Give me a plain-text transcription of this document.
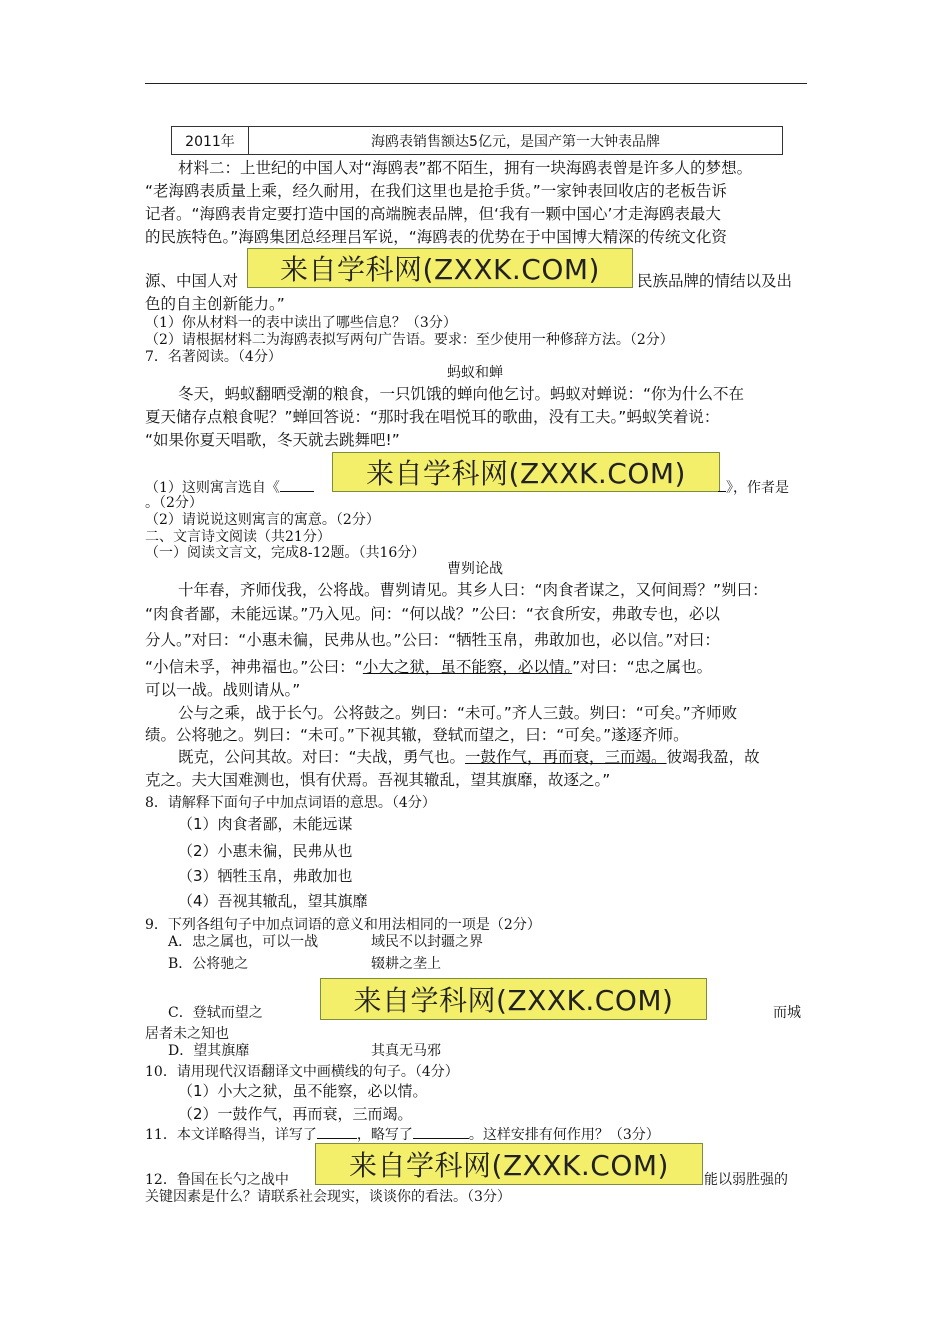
2011年	海鸥表销售额达5亿元，是国产第一大钟表品牌
材料二：上世纪的中国人对“海鸥表”都不陌生，拥有一块海鸥表曾是许多人的梦想。
“老海鸥表质量上乘，经久耐用，在我们这里也是抢手货。”一家钟表回收店的老板告诉
记者。“海鸥表肯定要打造中国的高端腕表品牌，但‘我有一颗中国心’才走海鸥表最大
的民族特色。”海鸥集团总经理吕军说，“海鸥表的优势在于中国博大精深的传统文化资
源、中国人对	来自学科网(ZXXK.COM)	民族品牌的情结以及出
色的自主创新能力。”
（1）你从材料一的表中读出了哪些信息？（3分）
（2）请根据材料二为海鸥表拟写两句广告语。要求：至少使用一种修辞方法。（2分）
7．名著阅读。（4分）
蚂蚁和蝉
冬天，蚂蚁翻晒受潮的粮食，一只饥饿的蝉向他乞讨。蚂蚁对蝉说：“你为什么不在
夏天储存点粮食呢？”蝉回答说：“那时我在唱悦耳的歌曲，没有工夫。”蚂蚁笑着说：
“如果你夏天唱歌，冬天就去跳舞吧!”
（1）这则寓言选自《	来自学科网(ZXXK.COM)	》，作者是
。（2分）
（2）请说说这则寓言的寓意。（2分）
二、文言诗文阅读（共21分）
（一）阅读文言文，完成8-12题。（共16分）
曹刿论战
十年春，齐师伐我，公将战。曹刿请见。其乡人曰：“肉食者谋之，又何间焉？”刿曰：
“肉食者鄙，未能远谋。”乃入见。问：“何以战？”公曰：“衣食所安，弗敢专也，必以
分人。”对曰：“小惠未徧，民弗从也。”公曰：“牺牲玉帛，弗敢加也，必以信。”对曰：
“小信未孚，神弗福也。”公曰：“小大之狱，虽不能察，必以情。”对曰：“忠之属也。
可以一战。战则请从。”
公与之乘，战于长勺。公将鼓之。刿曰：“未可。”齐人三鼓。刿曰：“可矣。”齐师败
绩。公将驰之。刿曰：“未可。”下视其辙，登轼而望之，曰：“可矣。”遂逐齐师。
既克，公问其故。对曰：“夫战，勇气也。一鼓作气，再而衰，三而竭。彼竭我盈，故
克之。夫大国难测也，惧有伏焉。吾视其辙乱，望其旗靡，故逐之。”
8．请解释下面句子中加点词语的意思。（4分）
（1）肉食者鄙，未能远谋
（2）小惠未徧，民弗从也
（3）牺牲玉帛，弗敢加也
（4）吾视其辙乱，望其旗靡
9．下列各组句子中加点词语的意义和用法相同的一项是（2分）
A．忠之属也，可以一战	域民不以封疆之界
B．公将驰之	辍耕之垄上
C．登轼而望之	来自学科网(ZXXK.COM)	而城
居者未之知也
D．望其旗靡	其真无马邪
10．请用现代汉语翻译文中画横线的句子。（4分）
（1）小大之狱，虽不能察，必以情。
（2）一鼓作气，再而衰，三而竭。
11．本文详略得当，详写了	，略写了	。这样安排有何作用？（3分）
12．鲁国在长勺之战中	来自学科网(ZXXK.COM)	能以弱胜强的
关键因素是什么？请联系社会现实，谈谈你的看法。（3分）
